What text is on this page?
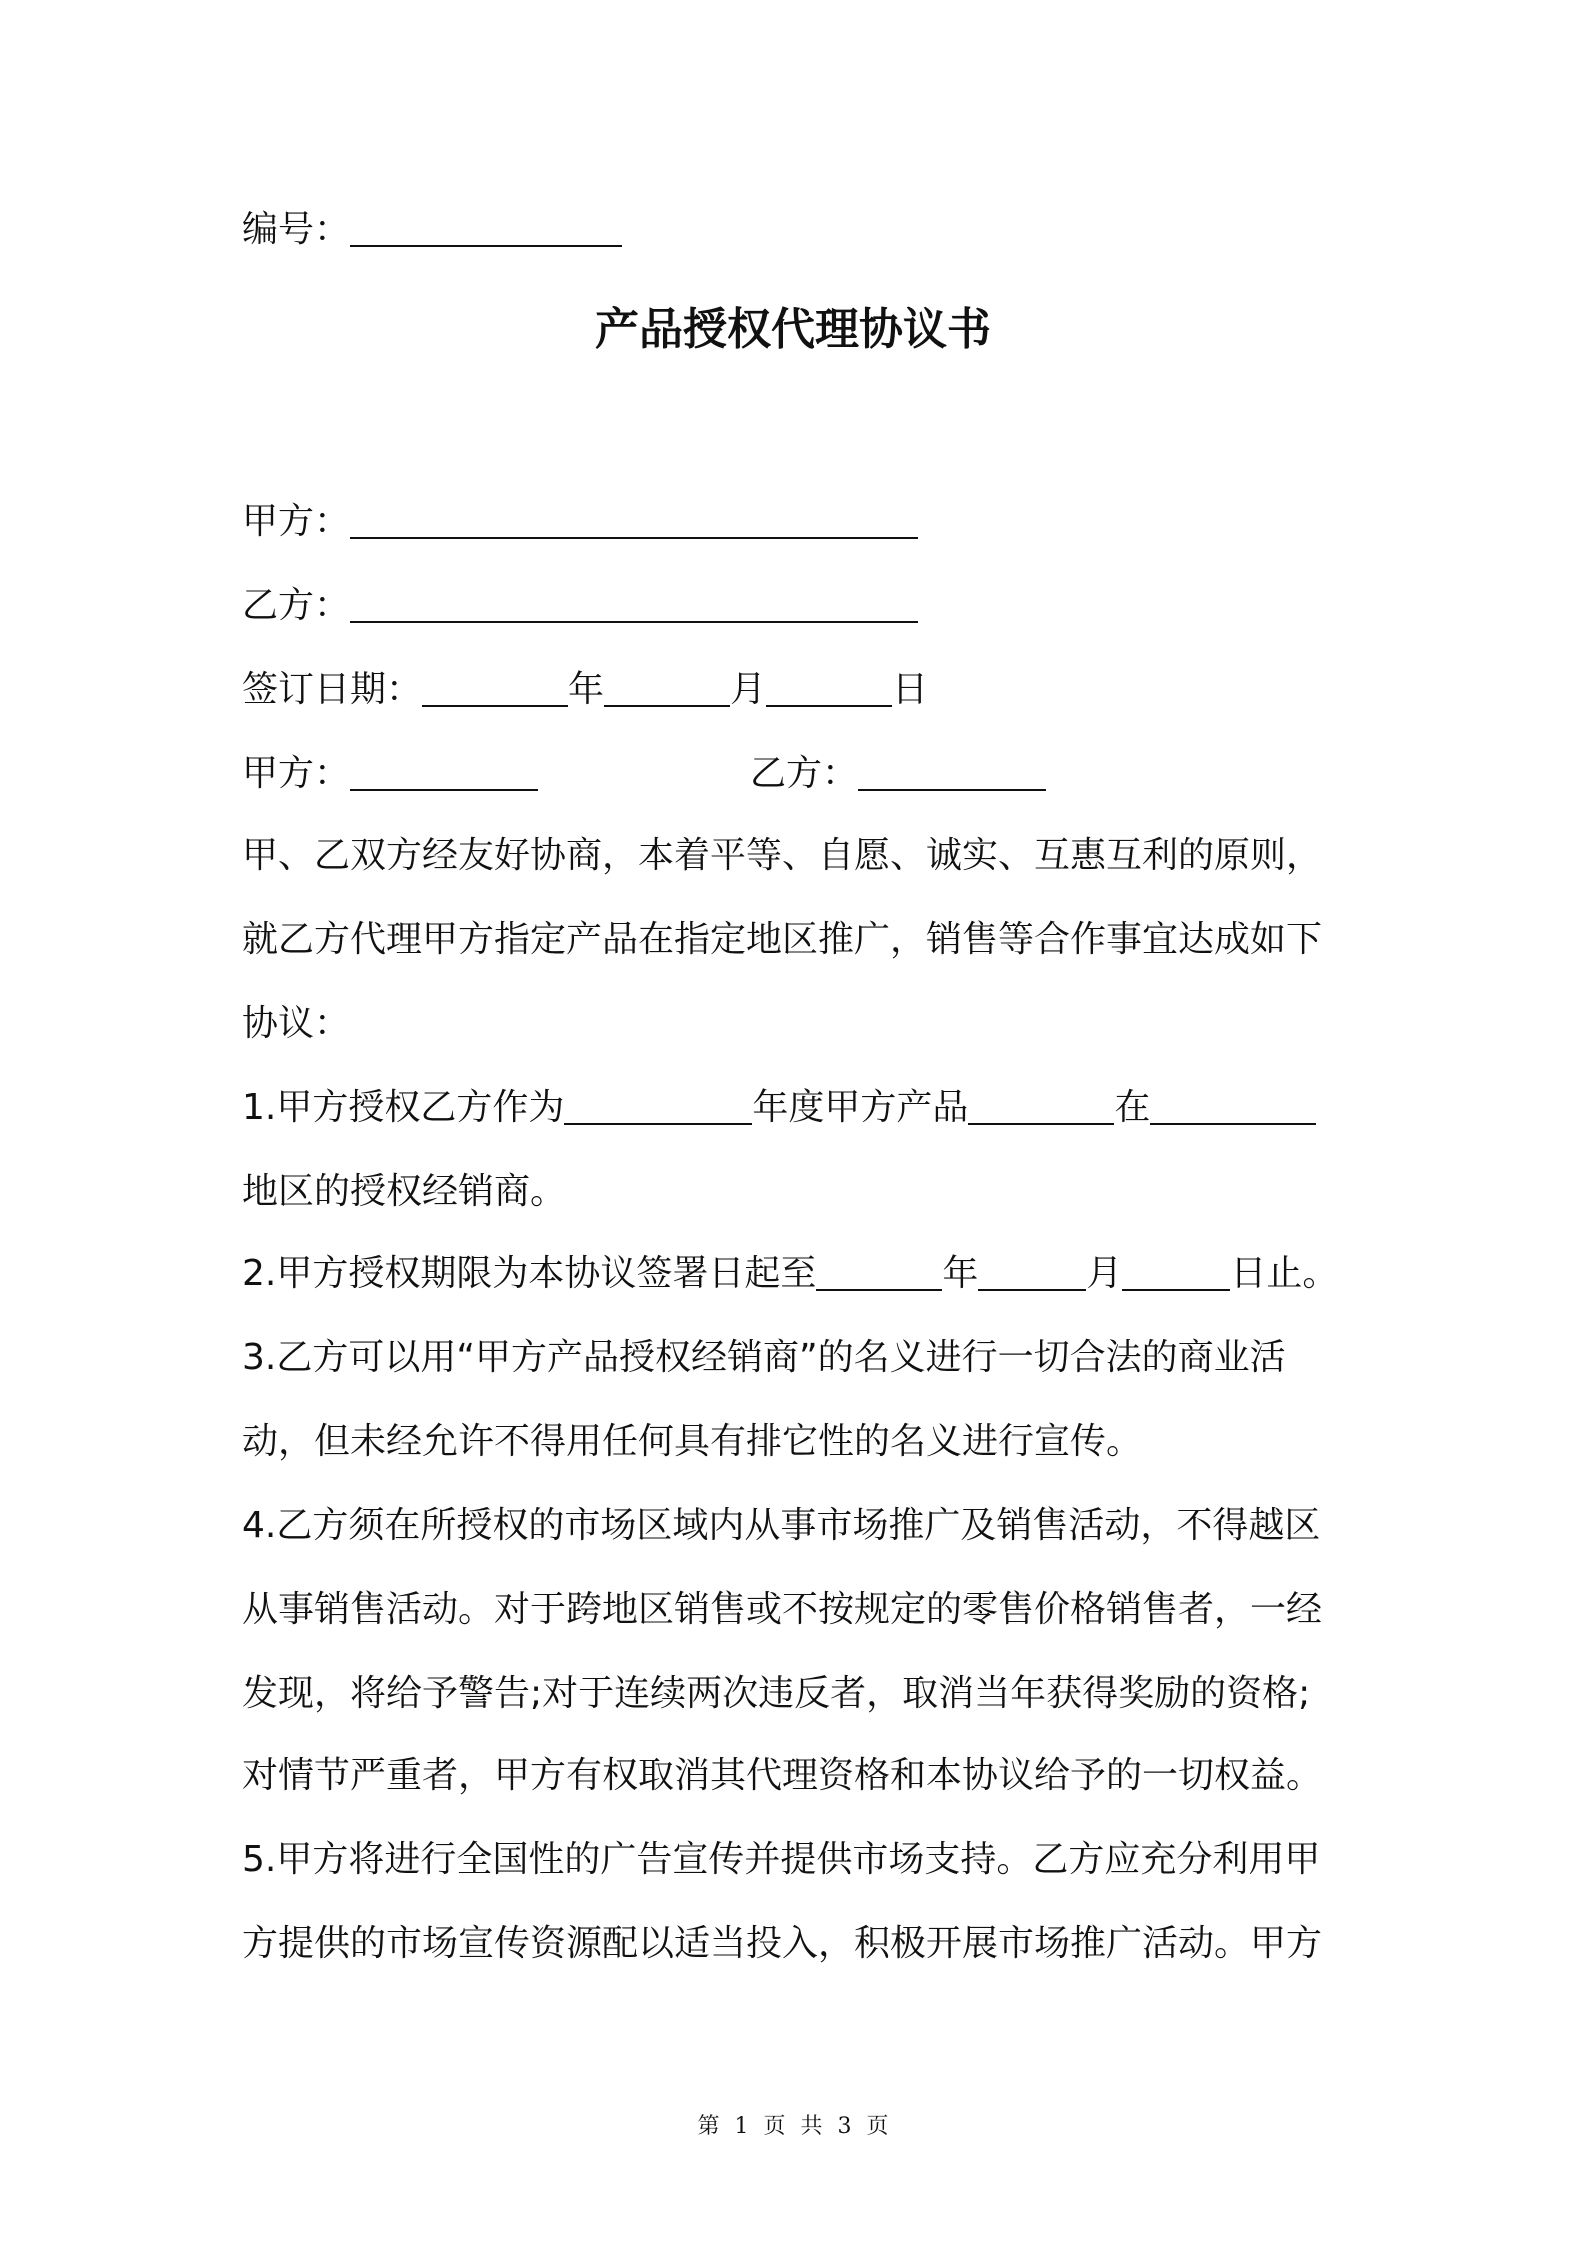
编号：
产品授权代理协议书
甲方：
乙方：
签订日期：	年	月	日
甲方：	乙方：
甲、乙双方经友好协商，本着平等、自愿、诚实、互惠互利的原则，
就乙方代理甲方指定产品在指定地区推广，销售等合作事宜达成如下
协议：
1.甲方授权乙方作为	年度甲方产品	在
地区的授权经销商。
2.甲方授权期限为本协议签署日起至	年	月	日止。
3.乙方可以用“甲方产品授权经销商”的名义进行一切合法的商业活
动，但未经允许不得用任何具有排它性的名义进行宣传。
4.乙方须在所授权的市场区域内从事市场推广及销售活动，不得越区
从事销售活动。对于跨地区销售或不按规定的零售价格销售者，一经
发现，将给予警告;对于连续两次违反者，取消当年获得奖励的资格;
对情节严重者，甲方有权取消其代理资格和本协议给予的一切权益。
5.甲方将进行全国性的广告宣传并提供市场支持。乙方应充分利用甲
方提供的市场宣传资源配以适当投入，积极开展市场推广活动。甲方
第 1 页 共 3 页
